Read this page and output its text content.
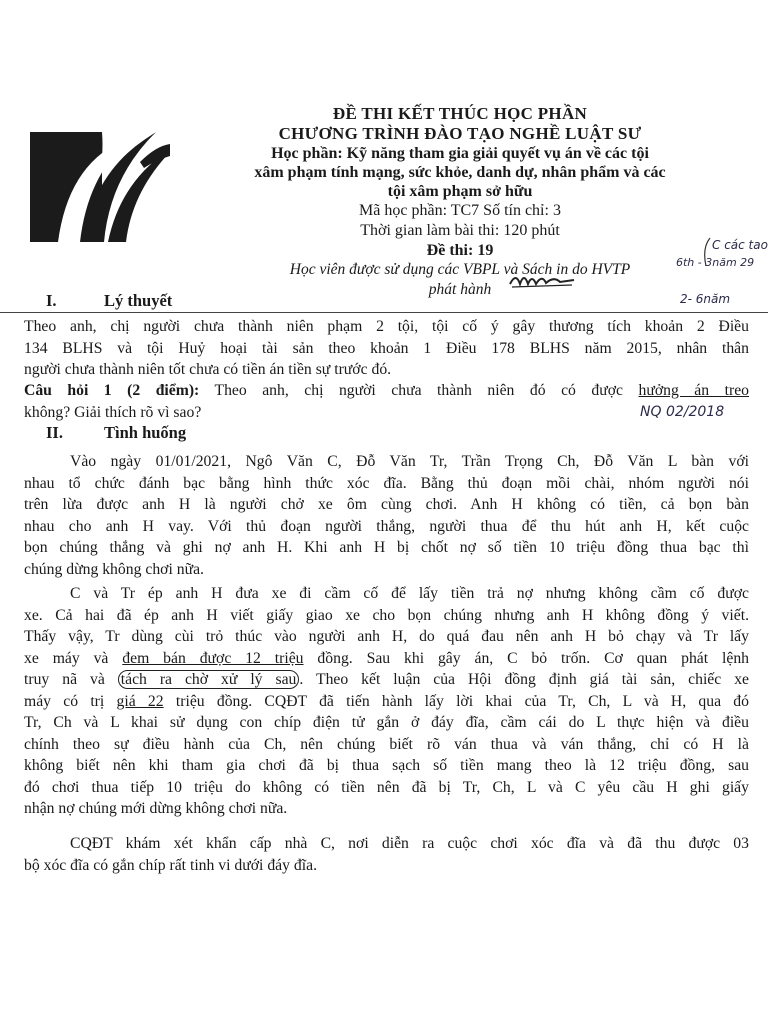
ĐỀ THI KẾT THÚC HỌC PHẦN
CHƯƠNG TRÌNH ĐÀO TẠO NGHỀ LUẬT SƯ
Học phần: Kỹ năng tham gia giải quyết vụ án về các tội
xâm phạm tính mạng, sức khỏe, danh dự, nhân phẩm và các
tội xâm phạm sở hữu
Mã học phần: TC7 Số tín chỉ: 3
Thời gian làm bài thi: 120 phút
Đề thi: 19
Học viên được sử dụng các VBPL và Sách in do HVTP
phát hành
C các tao
6th - 3năm 29
2- 6năm
NQ 02/2018
I.	Lý thuyết
Theo anh, chị người chưa thành niên phạm 2 tội, tội cố ý gây thương tích khoản 2 Điều
134 BLHS và tội Huỷ hoại tài sản theo khoản 1 Điều 178 BLHS năm 2015, nhân thân
người chưa thành niên tốt chưa có tiền án tiền sự trước đó.
Câu hỏi 1 (2 điểm): Theo anh, chị người chưa thành niên đó có được hưởng án treo
không? Giải thích rõ vì sao?
II. Tình huống
Vào ngày 01/01/2021, Ngô Văn C, Đỗ Văn Tr, Trần Trọng Ch, Đỗ Văn L bàn với
nhau tổ chức đánh bạc bằng hình thức xóc đĩa. Bằng thủ đoạn mồi chài, nhóm người nói
trên lừa được anh H là người chở xe ôm cùng chơi. Anh H không có tiền, cả bọn bàn
nhau cho anh H vay. Với thủ đoạn người thắng, người thua để thu hút anh H, kết cuộc
bọn chúng thắng và ghi nợ anh H. Khi anh H bị chốt nợ số tiền 10 triệu đồng thua bạc thì
chúng dừng không chơi nữa.
C và Tr ép anh H đưa xe đi cầm cố để lấy tiền trả nợ nhưng không cầm cố được
xe. Cả hai đã ép anh H viết giấy giao xe cho bọn chúng nhưng anh H không đồng ý viết.
Thấy vậy, Tr dùng cùi trỏ thúc vào người anh H, do quá đau nên anh H bỏ chạy và Tr lấy
xe máy và đem bán được 12 triệu đồng. Sau khi gây án, C bỏ trốn. Cơ quan phát lệnh
truy nã và tách ra chờ xử lý sau . Theo kết luận của Hội đồng định giá tài sản, chiếc xe
máy có trị giá 22 triệu đồng. CQĐT đã tiến hành lấy lời khai của Tr, Ch, L và H, qua đó
Tr, Ch và L khai sử dụng con chíp điện tử gắn ở đáy đĩa, cầm cái do L thực hiện và điều
chính theo sự điều hành của Ch, nên chúng biết rõ ván thua và ván thắng, chỉ có H là
không biết nên khi tham gia chơi đã bị thua sạch số tiền mang theo là 12 triệu đồng, sau
đó chơi thua tiếp 10 triệu do không có tiền nên đã bị Tr, Ch, L và C yêu cầu H ghi giấy
nhận nợ chúng mới dừng không chơi nữa.
CQĐT khám xét khẩn cấp nhà C, nơi diễn ra cuộc chơi xóc đĩa và đã thu được 03
bộ xóc đĩa có gắn chíp rất tinh vi dưới đáy đĩa.
